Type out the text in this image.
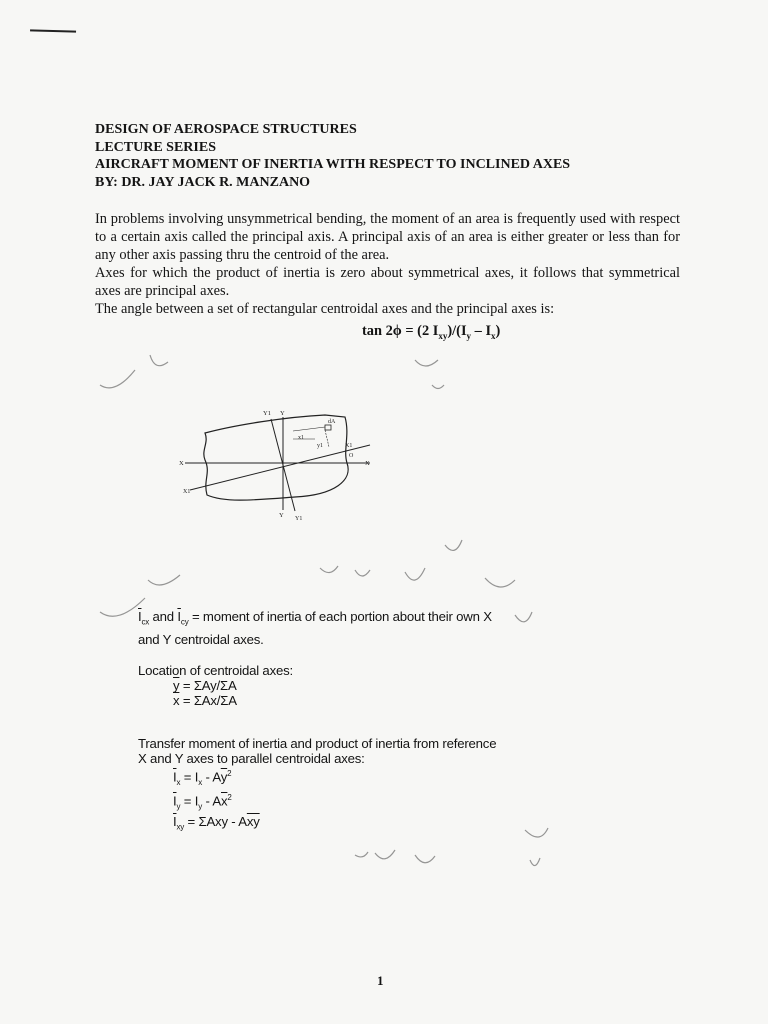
DESIGN OF AEROSPACE STRUCTURES
LECTURE SERIES
AIRCRAFT MOMENT OF INERTIA WITH RESPECT TO INCLINED AXES
BY: DR. JAY JACK R. MANZANO

In problems involving unsymmetrical bending, the moment of an area is frequently used with respect to a certain axis called the principal axis. A principal axis of an area is either greater or less than for any other axis passing thru the centroid of the area.

Axes for which the product of inertia is zero about symmetrical axes, it follows that symmetrical axes are principal axes.

The angle between a set of rectangular centroidal axes and the principal axes is:

tan 2ϕ = (2 $I_{xy})/(I_y - I_x)$
Y1 Y
dA
x1
y1	X1
O
X	X
X1
Y Y1
$\overline{I}_{cx}$ and $\overline{I}_{cy}$ = moment of inertia of each portion about their own X
and Y centroidal axes.
Location of centroidal axes:
$\overline{y} = \Sigma Ay/\Sigma A$
$\overline{x} = \Sigma Ax/\Sigma A$
Transfer moment of inertia and product of inertia from reference
X and Y axes to parallel centroidal axes:
$\overline{I}_x = I_x - A\overline{y}^2$
$\overline{I}_y = I_y - A\overline{x}^2$
$\overline{I}_{xy} = \Sigma Axy - A\overline{xy}$
1
